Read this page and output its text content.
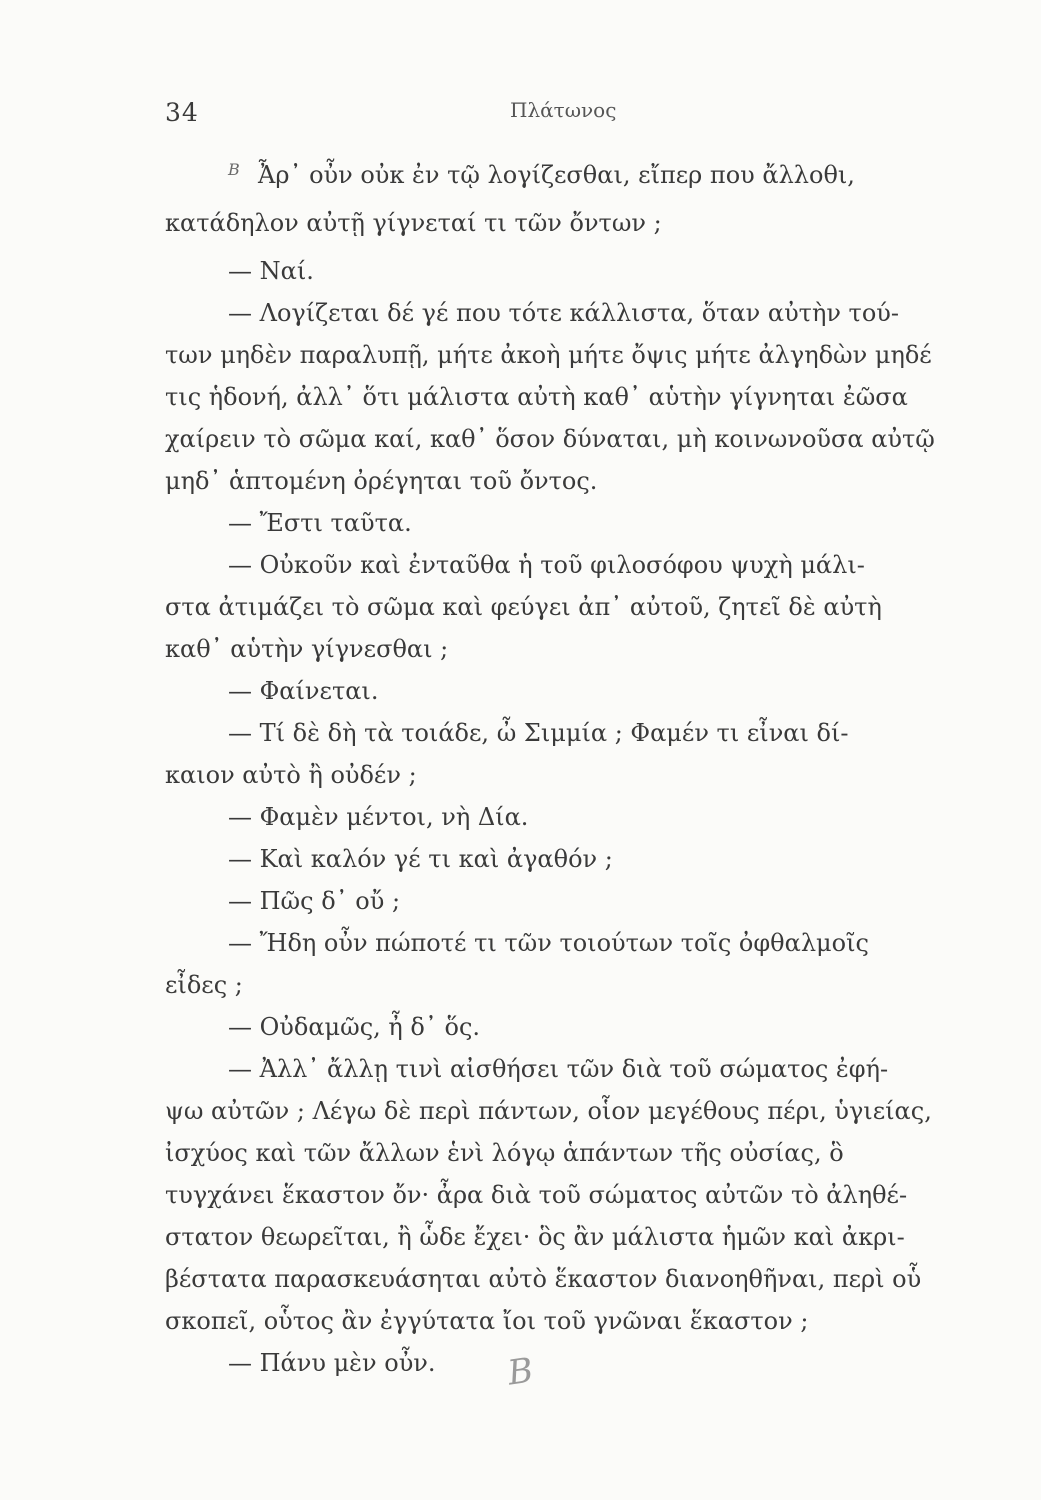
34	Πλάτωνος
B Ἆρ᾽ οὖν οὐκ ἐν τῷ λογίζεσθαι, εἴπερ που ἄλλοθι,
κατάδηλον αὐτῇ γίγνεταί τι τῶν ὄντων ;
— Ναί.
— Λογίζεται δέ γέ που τότε κάλλιστα, ὅταν αὐτὴν τού-
των μηδὲν παραλυπῇ, μήτε ἀκοὴ μήτε ὄψις μήτε ἀλγηδὼν μηδέ
τις ἡδονή, ἀλλ᾽ ὅτι μάλιστα αὐτὴ καθ᾽ αὑτὴν γίγνηται ἐῶσα
χαίρειν τὸ σῶμα καί, καθ᾽ ὅσον δύναται, μὴ κοινωνοῦσα αὐτῷ
μηδ᾽ ἁπτομένη ὀρέγηται τοῦ ὄντος.
— Ἔστι ταῦτα.
— Οὐκοῦν καὶ ἐνταῦθα ἡ τοῦ φιλοσόφου ψυχὴ μάλι-
στα ἀτιμάζει τὸ σῶμα καὶ φεύγει ἀπ᾽ αὐτοῦ, ζητεῖ δὲ αὐτὴ
καθ᾽ αὑτὴν γίγνεσθαι ;
— Φαίνεται.
— Τί δὲ δὴ τὰ τοιάδε, ὦ Σιμμία ; Φαμέν τι εἶναι δί-
καιον αὐτὸ ἢ οὐδέν ;
— Φαμὲν μέντοι, νὴ Δία.
— Καὶ καλόν γέ τι καὶ ἀγαθόν ;
— Πῶς δ᾽ οὔ ;
— Ἤδη οὖν πώποτέ τι τῶν τοιούτων τοῖς ὀφθαλμοῖς
εἶδες ;
— Οὐδαμῶς, ἦ δ᾽ ὅς.
— Ἀλλ᾽ ἄλλῃ τινὶ αἰσθήσει τῶν διὰ τοῦ σώματος ἐφή-
ψω αὐτῶν ; Λέγω δὲ περὶ πάντων, οἷον μεγέθους πέρι, ὑγιείας,
ἰσχύος καὶ τῶν ἄλλων ἑνὶ λόγῳ ἁπάντων τῆς οὐσίας, ὃ
τυγχάνει ἕκαστον ὄν· ἆρα διὰ τοῦ σώματος αὐτῶν τὸ ἀληθέ-
στατον θεωρεῖται, ἢ ὧδε ἔχει· ὃς ἂν μάλιστα ἡμῶν καὶ ἀκρι-
βέστατα παρασκευάσηται αὐτὸ ἕκαστον διανοηθῆναι, περὶ οὗ
σκοπεῖ, οὗτος ἂν ἐγγύτατα ἴοι τοῦ γνῶναι ἕκαστον ;
— Πάνυ μὲν οὖν. B
